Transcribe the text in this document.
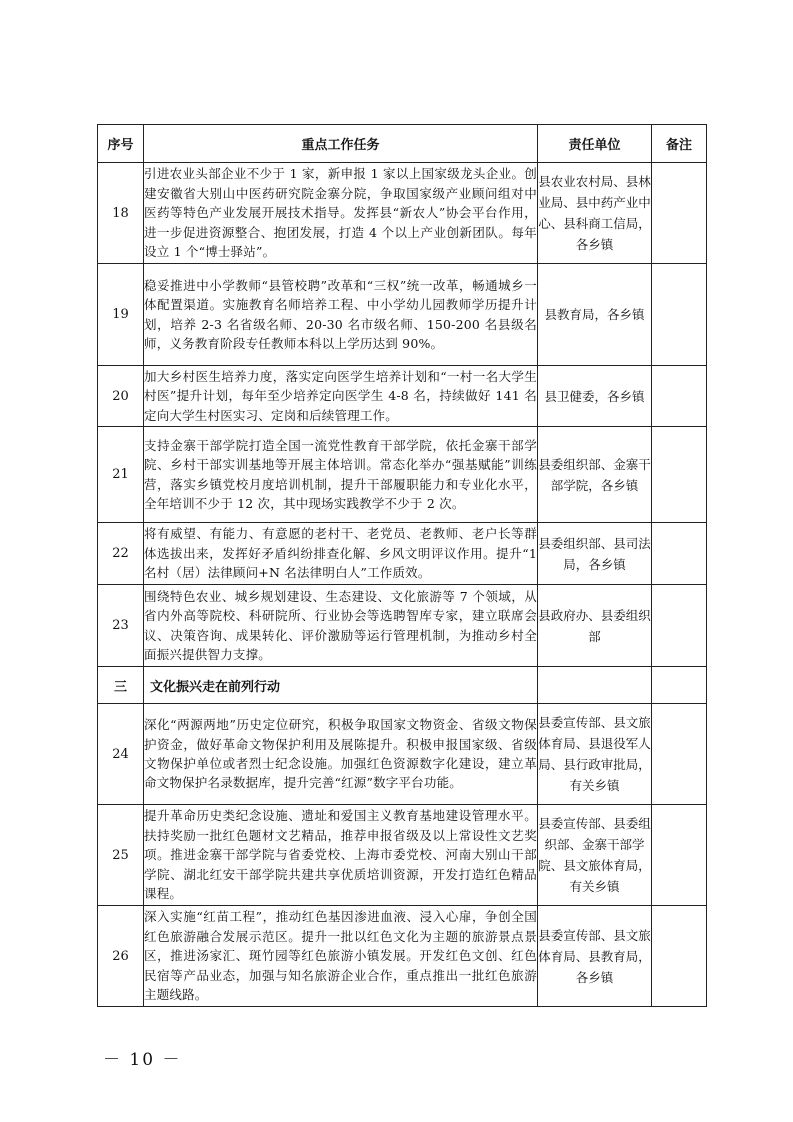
序号	重点工作任务	责任单位	备注
18	引进农业头部企业不少于 1 家，新申报 1 家以上国家级龙头企业。创建安徽省大别山中医药研究院金寨分院，争取国家级产业顾问组对中医药等特色产业发展开展技术指导。发挥县“新农人”协会平台作用，进一步促进资源整合、抱团发展，打造 4 个以上产业创新团队。每年设立 1 个“博士驿站”。	县农业农村局、县林业局、县中药产业中心、县科商工信局，各乡镇	
19	稳妥推进中小学教师“县管校聘”改革和“三权”统一改革，畅通城乡一体配置渠道。实施教育名师培养工程、中小学幼儿园教师学历提升计划，培养 2-3 名省级名师、20-30 名市级名师、150-200 名县级名师，义务教育阶段专任教师本科以上学历达到 90%。	县教育局，各乡镇	
20	加大乡村医生培养力度，落实定向医学生培养计划和“一村一名大学生村医”提升计划，每年至少培养定向医学生 4-8 名，持续做好 141 名定向大学生村医实习、定岗和后续管理工作。	县卫健委，各乡镇	
21	支持金寨干部学院打造全国一流党性教育干部学院，依托金寨干部学院、乡村干部实训基地等开展主体培训。常态化举办“强基赋能”训练营，落实乡镇党校月度培训机制，提升干部履职能力和专业化水平，全年培训不少于 12 次，其中现场实践教学不少于 2 次。	县委组织部、金寨干部学院，各乡镇	
22	将有威望、有能力、有意愿的老村干、老党员、老教师、老户长等群体选拔出来，发挥好矛盾纠纷排查化解、乡风文明评议作用。提升“1 名村（居）法律顾问+N 名法律明白人”工作质效。	县委组织部、县司法局，各乡镇	
23	围绕特色农业、城乡规划建设、生态建设、文化旅游等 7 个领域，从省内外高等院校、科研院所、行业协会等选聘智库专家，建立联席会议、决策咨询、成果转化、评价激励等运行管理机制，为推动乡村全面振兴提供智力支撑。	县政府办、县委组织部	
三	文化振兴走在前列行动		
24	深化“两源两地”历史定位研究，积极争取国家文物资金、省级文物保护资金，做好革命文物保护利用及展陈提升。积极申报国家级、省级文物保护单位或者烈士纪念设施。加强红色资源数字化建设，建立革命文物保护名录数据库，提升完善“红源”数字平台功能。	县委宣传部、县文旅体育局、县退役军人局、县行政审批局，有关乡镇	
25	提升革命历史类纪念设施、遗址和爱国主义教育基地建设管理水平。扶持奖励一批红色题材文艺精品，推荐申报省级及以上常设性文艺奖项。推进金寨干部学院与省委党校、上海市委党校、河南大别山干部学院、湖北红安干部学院共建共享优质培训资源，开发打造红色精品课程。	县委宣传部、县委组织部、金寨干部学院、县文旅体育局，有关乡镇	
26	深入实施“红苗工程”，推动红色基因渗进血液、浸入心扉，争创全国红色旅游融合发展示范区。提升一批以红色文化为主题的旅游景点景区，推进汤家汇、斑竹园等红色旅游小镇发展。开发红色文创、红色民宿等产品业态，加强与知名旅游企业合作，重点推出一批红色旅游主题线路。	县委宣传部、县文旅体育局、县教育局，各乡镇	
－ 10 －
